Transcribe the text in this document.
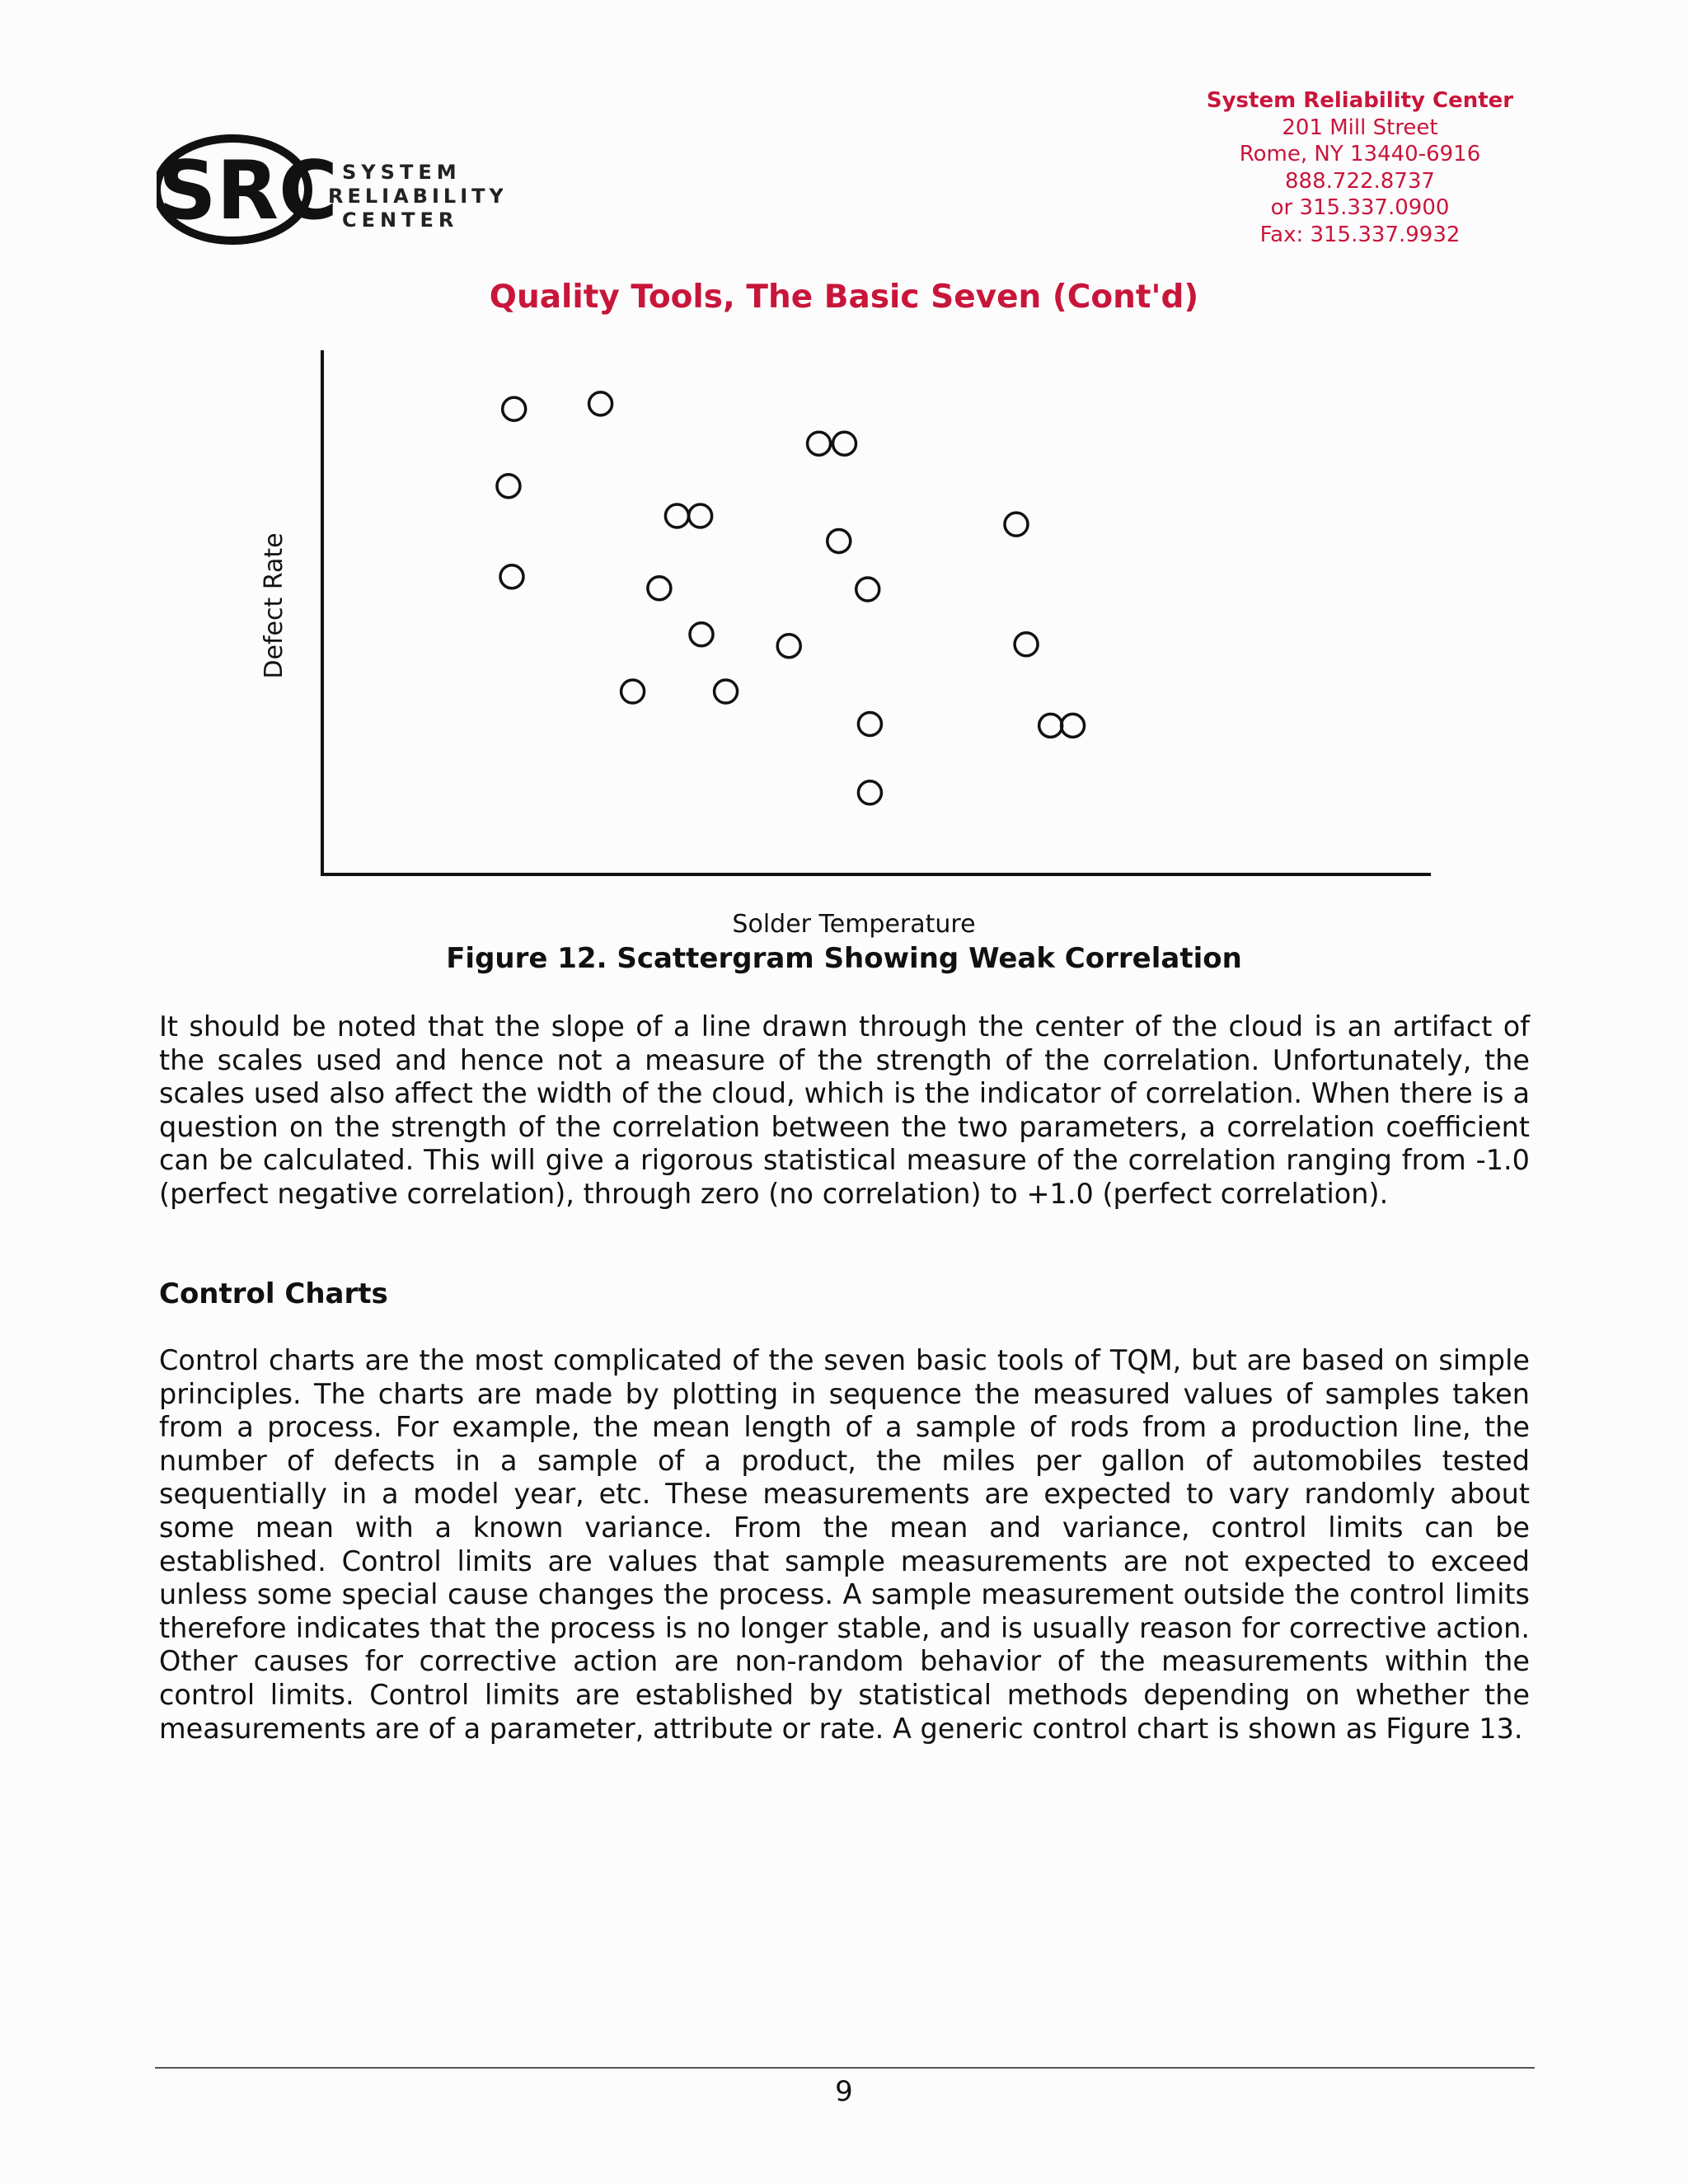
SRC SYSTEM
RELIABILITY
CENTER
System Reliability Center
201 Mill Street
Rome, NY 13440-6916
888.722.8737
or 315.337.0900
Fax: 315.337.9932
Quality Tools, The Basic Seven (Cont'd)
Defect Rate
Solder Temperature
Figure 12. Scattergram Showing Weak Correlation

It should be noted that the slope of a line drawn through the center of the cloud is an artifact of the scales used and hence not a measure of the strength of the correlation. Unfortunately, the scales used also affect the width of the cloud, which is the indicator of correlation. When there is a question on the strength of the correlation between the two parameters, a correlation coefficient can be calculated. This will give a rigorous statistical measure of the correlation ranging from -1.0 (perfect negative correlation), through zero (no correlation) to +1.0 (perfect correlation).

Control Charts

Control charts are the most complicated of the seven basic tools of TQM, but are based on simple principles. The charts are made by plotting in sequence the measured values of samples taken from a process. For example, the mean length of a sample of rods from a production line, the number of defects in a sample of a product, the miles per gallon of automobiles tested sequentially in a model year, etc. These measurements are expected to vary randomly about some mean with a known variance. From the mean and variance, control limits can be established. Control limits are values that sample measurements are not expected to exceed unless some special cause changes the process. A sample measurement outside the control limits therefore indicates that the process is no longer stable, and is usually reason for corrective action. Other causes for corrective action are non-random behavior of the measurements within the control limits. Control limits are established by statistical methods depending on whether the measurements are of a parameter, attribute or rate. A generic control chart is shown as Figure 13.

9
